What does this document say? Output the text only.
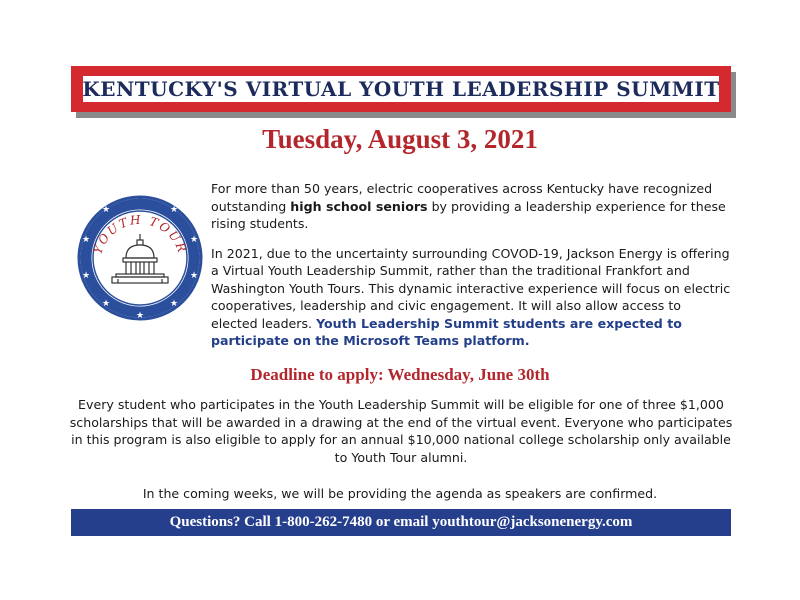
KENTUCKY'S VIRTUAL YOUTH LEADERSHIP SUMMIT
Tuesday, August 3, 2021
★
★	★
★	★
★	★
★	★
YOUTH TOUR

For more than 50 years, electric cooperatives across Kentucky have recognized outstanding high school seniors by providing a leadership experience for these rising students.

In 2021, due to the uncertainty surrounding COVOD-19, Jackson Energy is offering a Virtual Youth Leadership Summit, rather than the traditional Frankfort and Washington Youth Tours. This dynamic interactive experience will focus on electric cooperatives, leadership and civic engagement. It will also allow access to elected leaders. Youth Leadership Summit students are expected to participate on the Microsoft Teams platform.

Deadline to apply: Wednesday, June 30th
Every student who participates in the Youth Leadership Summit will be eligible for one of three $1,000 scholarships that will be awarded in a drawing at the end of the virtual event. Everyone who participates in this program is also eligible to apply for an annual $10,000 national college scholarship only available to Youth Tour alumni.
In the coming weeks, we will be providing the agenda as speakers are confirmed.
Questions? Call 1-800-262-7480 or email youthtour@jacksonenergy.com
